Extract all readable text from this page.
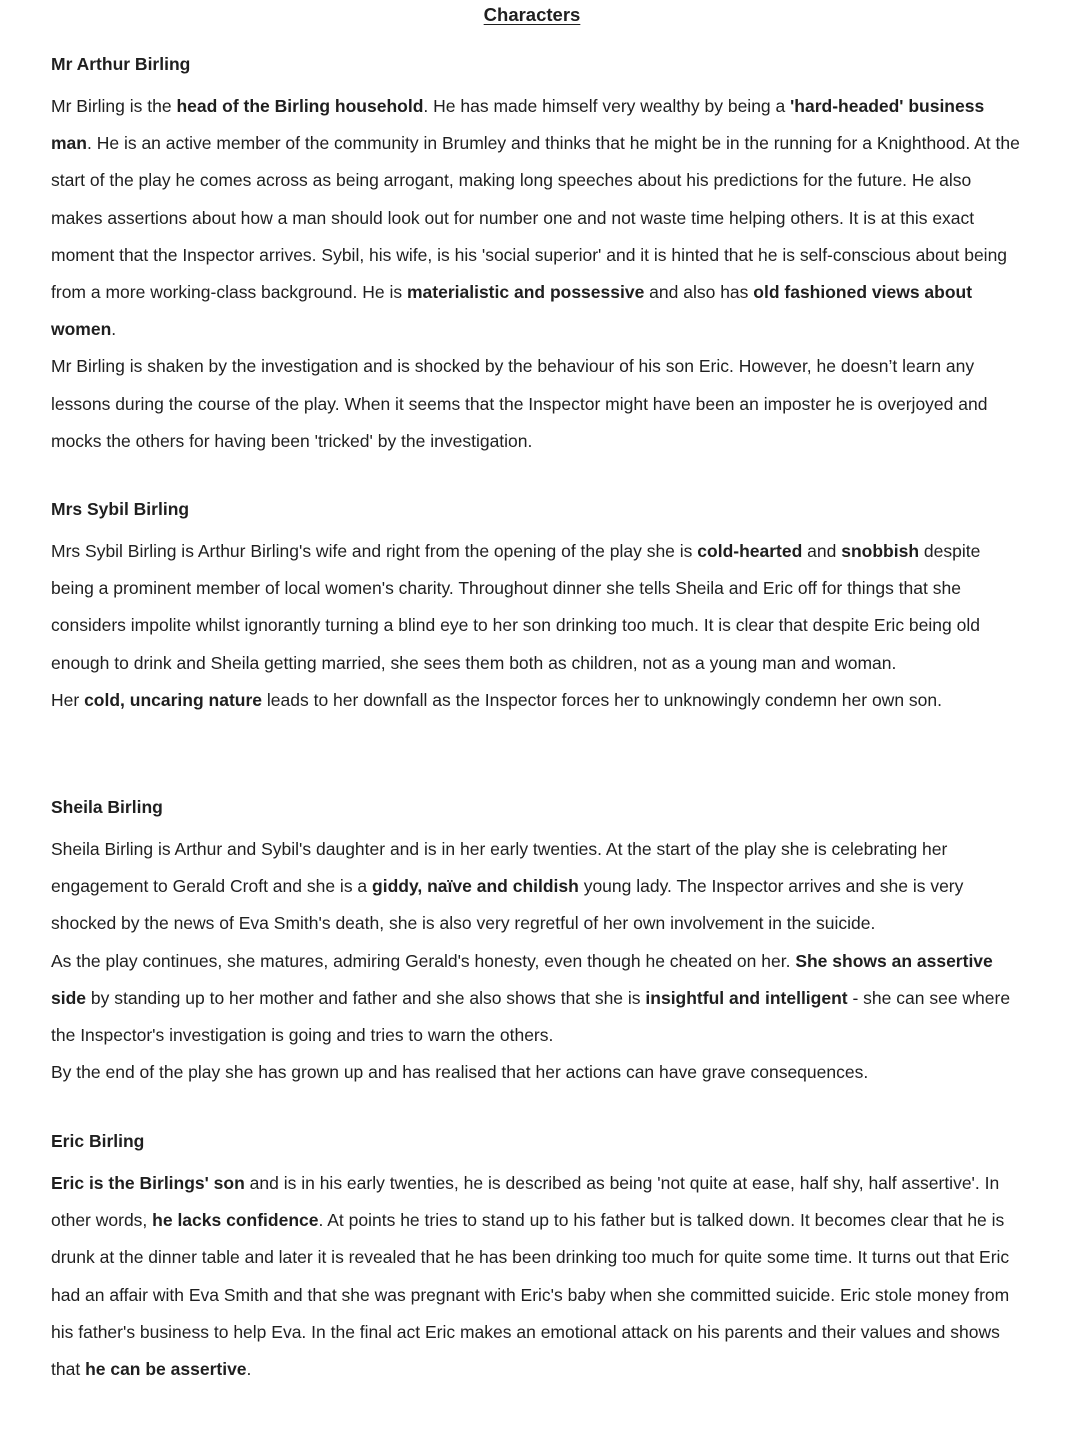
Characters
Mr Arthur Birling

Mr Birling is the head of the Birling household. He has made himself very wealthy by being a 'hard-headed' business man. He is an active member of the community in Brumley and thinks that he might be in the running for a Knighthood. At the start of the play he comes across as being arrogant, making long speeches about his predictions for the future. He also makes assertions about how a man should look out for number one and not waste time helping others. It is at this exact moment that the Inspector arrives. Sybil, his wife, is his 'social superior' and it is hinted that he is self-conscious about being from a more working-class background. He is materialistic and possessive and also has old fashioned views about women.

Mr Birling is shaken by the investigation and is shocked by the behaviour of his son Eric. However, he doesn’t learn any lessons during the course of the play. When it seems that the Inspector might have been an imposter he is overjoyed and mocks the others for having been 'tricked' by the investigation.

Mrs Sybil Birling

Mrs Sybil Birling is Arthur Birling's wife and right from the opening of the play she is cold-hearted and snobbish despite being a prominent member of local women's charity. Throughout dinner she tells Sheila and Eric off for things that she considers impolite whilst ignorantly turning a blind eye to her son drinking too much. It is clear that despite Eric being old enough to drink and Sheila getting married, she sees them both as children, not as a young man and woman.

Her cold, uncaring nature leads to her downfall as the Inspector forces her to unknowingly condemn her own son.

Sheila Birling

Sheila Birling is Arthur and Sybil's daughter and is in her early twenties. At the start of the play she is celebrating her engagement to Gerald Croft and she is a giddy, naïve and childish young lady. The Inspector arrives and she is very shocked by the news of Eva Smith's death, she is also very regretful of her own involvement in the suicide.

As the play continues, she matures, admiring Gerald's honesty, even though he cheated on her. She shows an assertive side by standing up to her mother and father and she also shows that she is insightful and intelligent - she can see where the Inspector's investigation is going and tries to warn the others.

By the end of the play she has grown up and has realised that her actions can have grave consequences.

Eric Birling

Eric is the Birlings' son and is in his early twenties, he is described as being 'not quite at ease, half shy, half assertive'. In other words, he lacks confidence. At points he tries to stand up to his father but is talked down. It becomes clear that he is drunk at the dinner table and later it is revealed that he has been drinking too much for quite some time. It turns out that Eric had an affair with Eva Smith and that she was pregnant with Eric's baby when she committed suicide. Eric stole money from his father's business to help Eva. In the final act Eric makes an emotional attack on his parents and their values and shows that he can be assertive.
